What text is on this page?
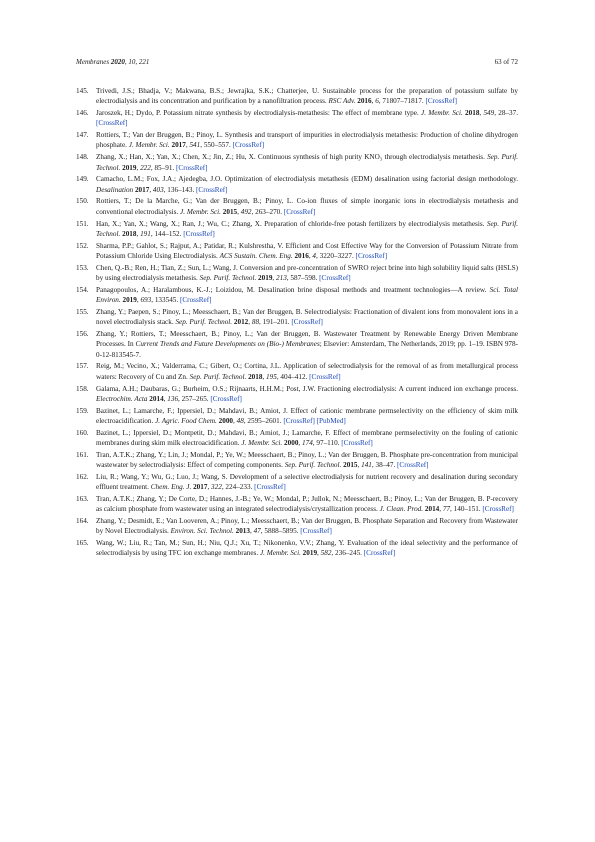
Membranes 2020, 10, 221	63 of 72
145. Trivedi, J.S.; Bhadja, V.; Makwana, B.S.; Jewrajka, S.K.; Chatterjee, U. Sustainable process for the preparation of potassium sulfate by electrodialysis and its concentration and purification by a nanofiltration process. RSC Adv. 2016, 6, 71807–71817. [CrossRef]
146. Jaroszek, H.; Dydo, P. Potassium nitrate synthesis by electrodialysis-metathesis: The effect of membrane type. J. Membr. Sci. 2018, 549, 28–37. [CrossRef]
147. Rottiers, T.; Van der Bruggen, B.; Pinoy, L. Synthesis and transport of impurities in electrodialysis metathesis: Production of choline dihydrogen phosphate. J. Membr. Sci. 2017, 541, 550–557. [CrossRef]
148. Zhang, X.; Han, X.; Yan, X.; Chen, X.; Jin, Z.; Hu, X. Continuous synthesis of high purity KNO₃ through electrodialysis metathesis. Sep. Purif. Technol. 2019, 222, 85–91. [CrossRef]
149. Camacho, L.M.; Fox, J.A.; Ajedegba, J.O. Optimization of electrodialysis metathesis (EDM) desalination using factorial design methodology. Desalination 2017, 403, 136–143. [CrossRef]
150. Rottiers, T.; De la Marche, G.; Van der Bruggen, B.; Pinoy, L. Co-ion fluxes of simple inorganic ions in electrodialysis metathesis and conventional electrodialysis. J. Membr. Sci. 2015, 492, 263–270. [CrossRef]
151. Han, X.; Yan, X.; Wang, X.; Ran, J.; Wu, C.; Zhang, X. Preparation of chloride-free potash fertilizers by electrodialysis metathesis. Sep. Purif. Technol. 2018, 191, 144–152. [CrossRef]
152. Sharma, P.P.; Gahlot, S.; Rajput, A.; Patidar, R.; Kulshrestha, V. Efficient and Cost Effective Way for the Conversion of Potassium Nitrate from Potassium Chloride Using Electrodialysis. ACS Sustain. Chem. Eng. 2016, 4, 3220–3227. [CrossRef]
153. Chen, Q.-B.; Ren, H.; Tian, Z.; Sun, L.; Wang, J. Conversion and pre-concentration of SWRO reject brine into high solubility liquid salts (HSLS) by using electrodialysis metathesis. Sep. Purif. Technol. 2019, 213, 587–598. [CrossRef]
154. Panagopoulos, A.; Haralambous, K.-J.; Loizidou, M. Desalination brine disposal methods and treatment technologies—A review. Sci. Total Environ. 2019, 693, 133545. [CrossRef]
155. Zhang, Y.; Paepen, S.; Pinoy, L.; Meesschaert, B.; Van der Bruggen, B. Selectrodialysis: Fractionation of divalent ions from monovalent ions in a novel electrodialysis stack. Sep. Purif. Technol. 2012, 88, 191–201. [CrossRef]
156. Zhang, Y.; Rottiers, T.; Meesschaert, B.; Pinoy, L.; Van der Bruggen, B. Wastewater Treatment by Renewable Energy Driven Membrane Processes. In Current Trends and Future Developments on (Bio-) Membranes; Elsevier: Amsterdam, The Netherlands, 2019; pp. 1–19. ISBN 978-0-12-813545-7.
157. Reig, M.; Vecino, X.; Valderrama, C.; Gibert, O.; Cortina, J.L. Application of selectrodialysis for the removal of as from metallurgical process waters: Recovery of Cu and Zn. Sep. Purif. Technol. 2018, 195, 404–412. [CrossRef]
158. Galama, A.H.; Daubaras, G.; Burheim, O.S.; Rijnaarts, H.H.M.; Post, J.W. Fractioning electrodialysis: A current induced ion exchange process. Electrochim. Acta 2014, 136, 257–265. [CrossRef]
159. Bazinet, L.; Lamarche, F.; Ippersiel, D.; Mahdavi, B.; Amiot, J. Effect of cationic membrane permselectivity on the efficiency of skim milk electroacidification. J. Agric. Food Chem. 2000, 48, 2595–2601. [CrossRef] [PubMed]
160. Bazinet, L.; Ippersiel, D.; Montpetit, D.; Mahdavi, B.; Amiot, J.; Lamarche, F. Effect of membrane permselectivity on the fouling of cationic membranes during skim milk electroacidification. J. Membr. Sci. 2000, 174, 97–110. [CrossRef]
161. Tran, A.T.K.; Zhang, Y.; Lin, J.; Mondal, P.; Ye, W.; Meesschaert, B.; Pinoy, L.; Van der Bruggen, B. Phosphate pre-concentration from municipal wastewater by selectrodialysis: Effect of competing components. Sep. Purif. Technol. 2015, 141, 38–47. [CrossRef]
162. Liu, R.; Wang, Y.; Wu, G.; Luo, J.; Wang, S. Development of a selective electrodialysis for nutrient recovery and desalination during secondary effluent treatment. Chem. Eng. J. 2017, 322, 224–233. [CrossRef]
163. Tran, A.T.K.; Zhang, Y.; De Corte, D.; Hannes, J.-B.; Ye, W.; Mondal, P.; Jullok, N.; Meesschaert, B.; Pinoy, L.; Van der Bruggen, B. P-recovery as calcium phosphate from wastewater using an integrated selectrodialysis/crystallization process. J. Clean. Prod. 2014, 77, 140–151. [CrossRef]
164. Zhang, Y.; Desmidt, E.; Van Looveren, A.; Pinoy, L.; Meesschaert, B.; Van der Bruggen, B. Phosphate Separation and Recovery from Wastewater by Novel Electrodialysis. Environ. Sci. Technol. 2013, 47, 5888–5895. [CrossRef]
165. Wang, W.; Liu, R.; Tan, M.; Sun, H.; Niu, Q.J.; Xu, T.; Nikonenko, V.V.; Zhang, Y. Evaluation of the ideal selectivity and the performance of selectrodialysis by using TFC ion exchange membranes. J. Membr. Sci. 2019, 582, 236–245. [CrossRef]
